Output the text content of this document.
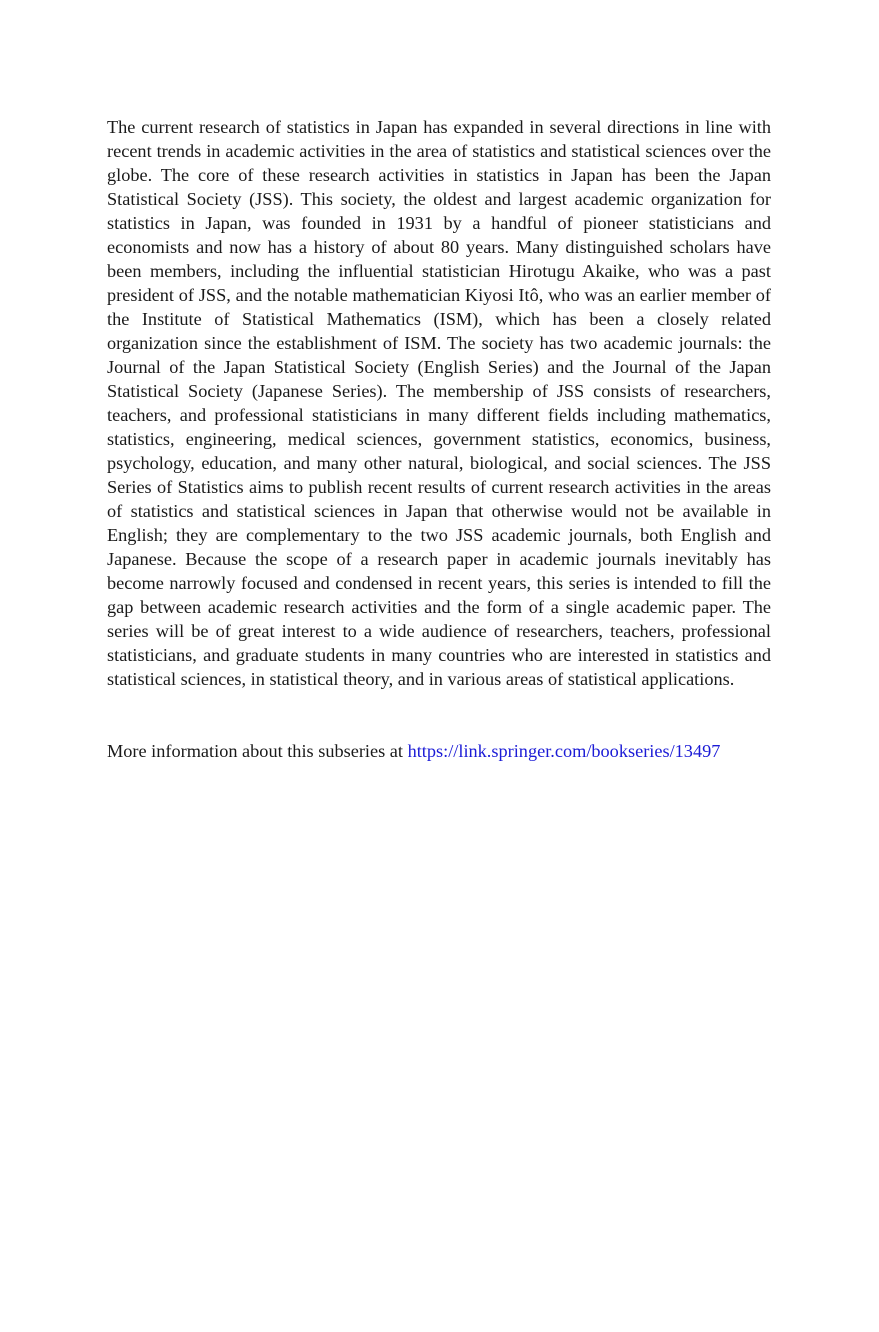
The current research of statistics in Japan has expanded in several directions in line with recent trends in academic activities in the area of statistics and statistical sciences over the globe. The core of these research activities in statistics in Japan has been the Japan Statistical Society (JSS). This society, the oldest and largest academic organization for statistics in Japan, was founded in 1931 by a handful of pioneer statisticians and economists and now has a history of about 80 years. Many distinguished scholars have been members, including the influential statistician Hirotugu Akaike, who was a past president of JSS, and the notable mathematician Kiyosi Itô, who was an earlier member of the Institute of Statistical Mathematics (ISM), which has been a closely related organization since the establishment of ISM. The society has two academic journals: the Journal of the Japan Statistical Society (English Series) and the Journal of the Japan Statistical Society (Japanese Series). The membership of JSS consists of researchers, teachers, and professional statisticians in many different fields including mathematics, statistics, engineering, medical sciences, government statistics, economics, business, psychology, education, and many other natural, biological, and social sciences. The JSS Series of Statistics aims to publish recent results of current research activities in the areas of statistics and statistical sciences in Japan that otherwise would not be available in English; they are complementary to the two JSS academic journals, both English and Japanese. Because the scope of a research paper in academic journals inevitably has become narrowly focused and condensed in recent years, this series is intended to fill the gap between academic research activities and the form of a single academic paper. The series will be of great interest to a wide audience of researchers, teachers, professional statisticians, and graduate students in many countries who are interested in statistics and statistical sciences, in statistical theory, and in various areas of statistical applications.

More information about this subseries at https://link.springer.com/bookseries/13497
